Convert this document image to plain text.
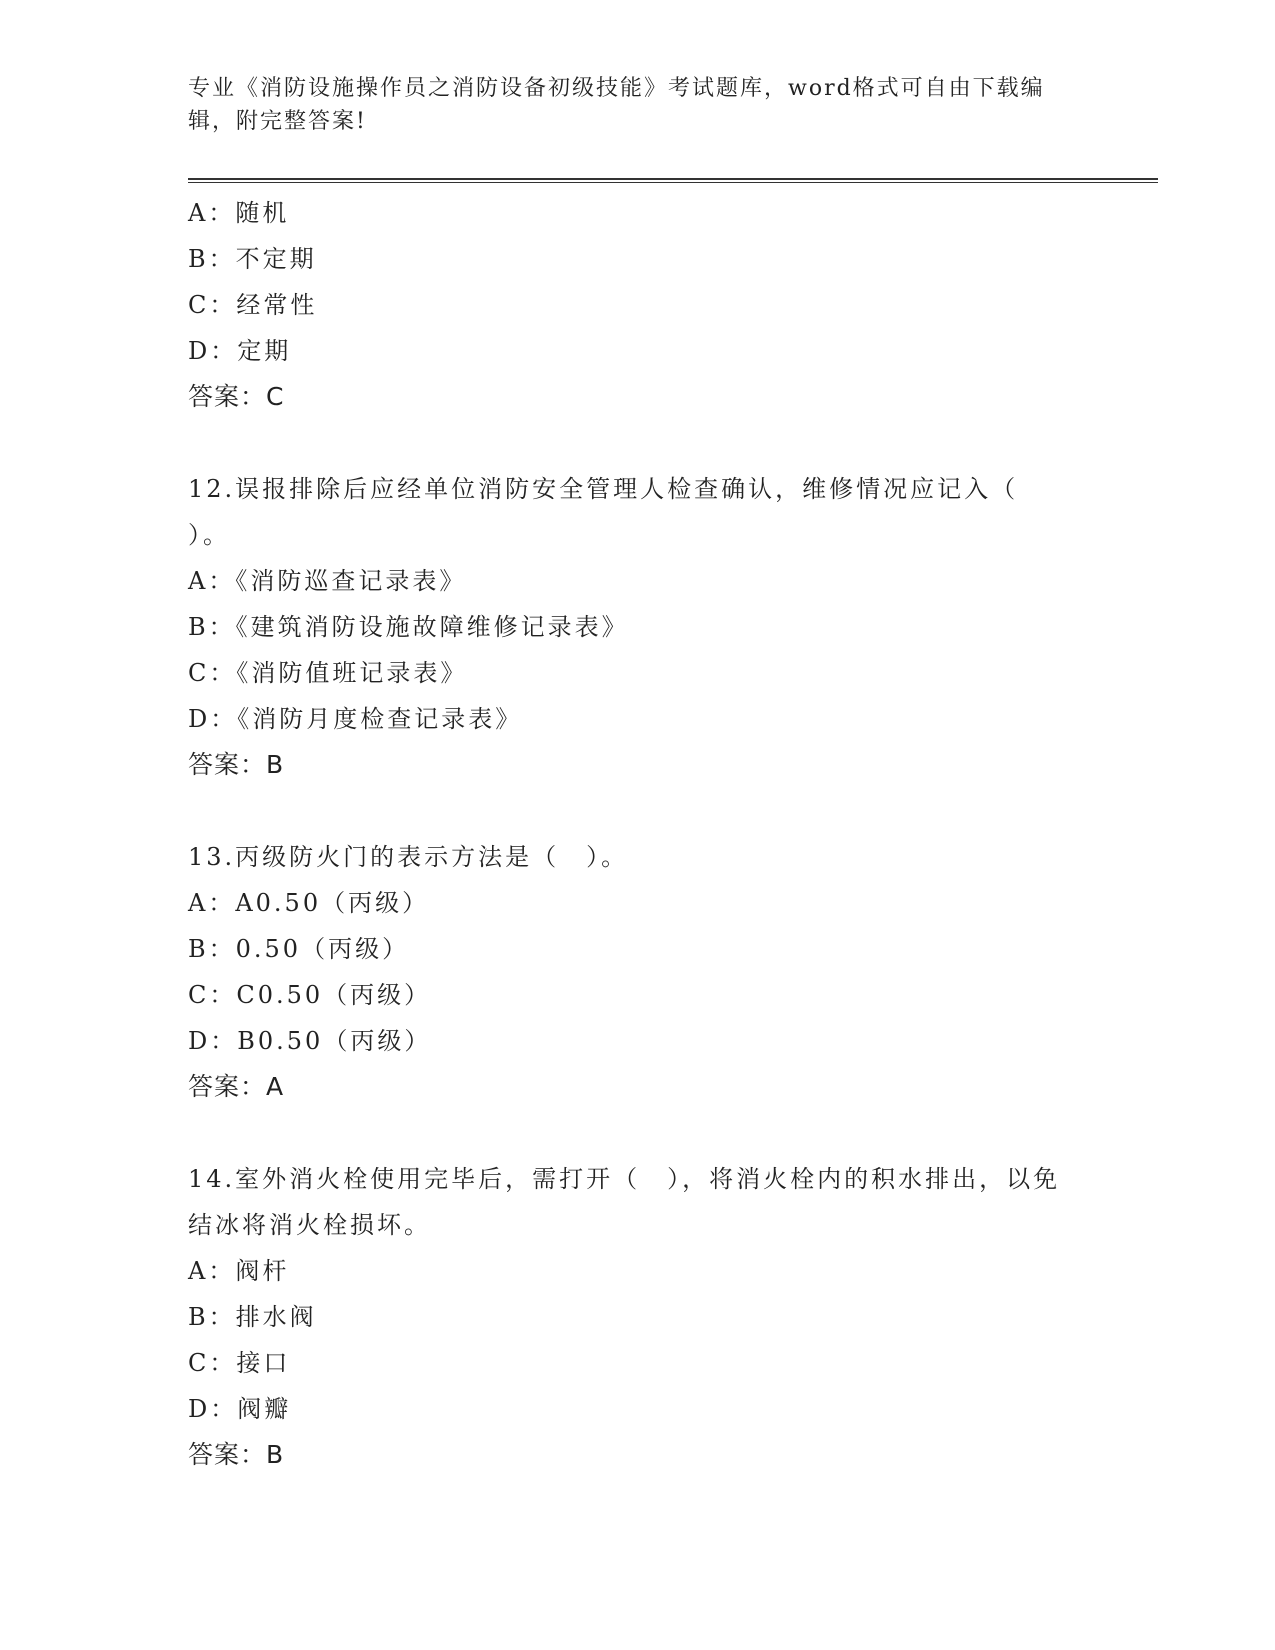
专业《消防设施操作员之消防设备初级技能》考试题库，word格式可自由下载编辑，附完整答案!
A：随机
B：不定期
C：经常性
D：定期
答案：C
12.误报排除后应经单位消防安全管理人检查确认，维修情况应记入（ ）。
A：《消防巡查记录表》
B：《建筑消防设施故障维修记录表》
C：《消防值班记录表》
D：《消防月度检查记录表》
答案：B
13.丙级防火门的表示方法是（　）。
A：A0.50（丙级）
B：0.50（丙级）
C：C0.50（丙级）
D：B0.50（丙级）
答案：A
14.室外消火栓使用完毕后，需打开（　），将消火栓内的积水排出，以免结冰将消火栓损坏。
A：阀杆
B：排水阀
C：接口
D：阀瓣
答案：B
